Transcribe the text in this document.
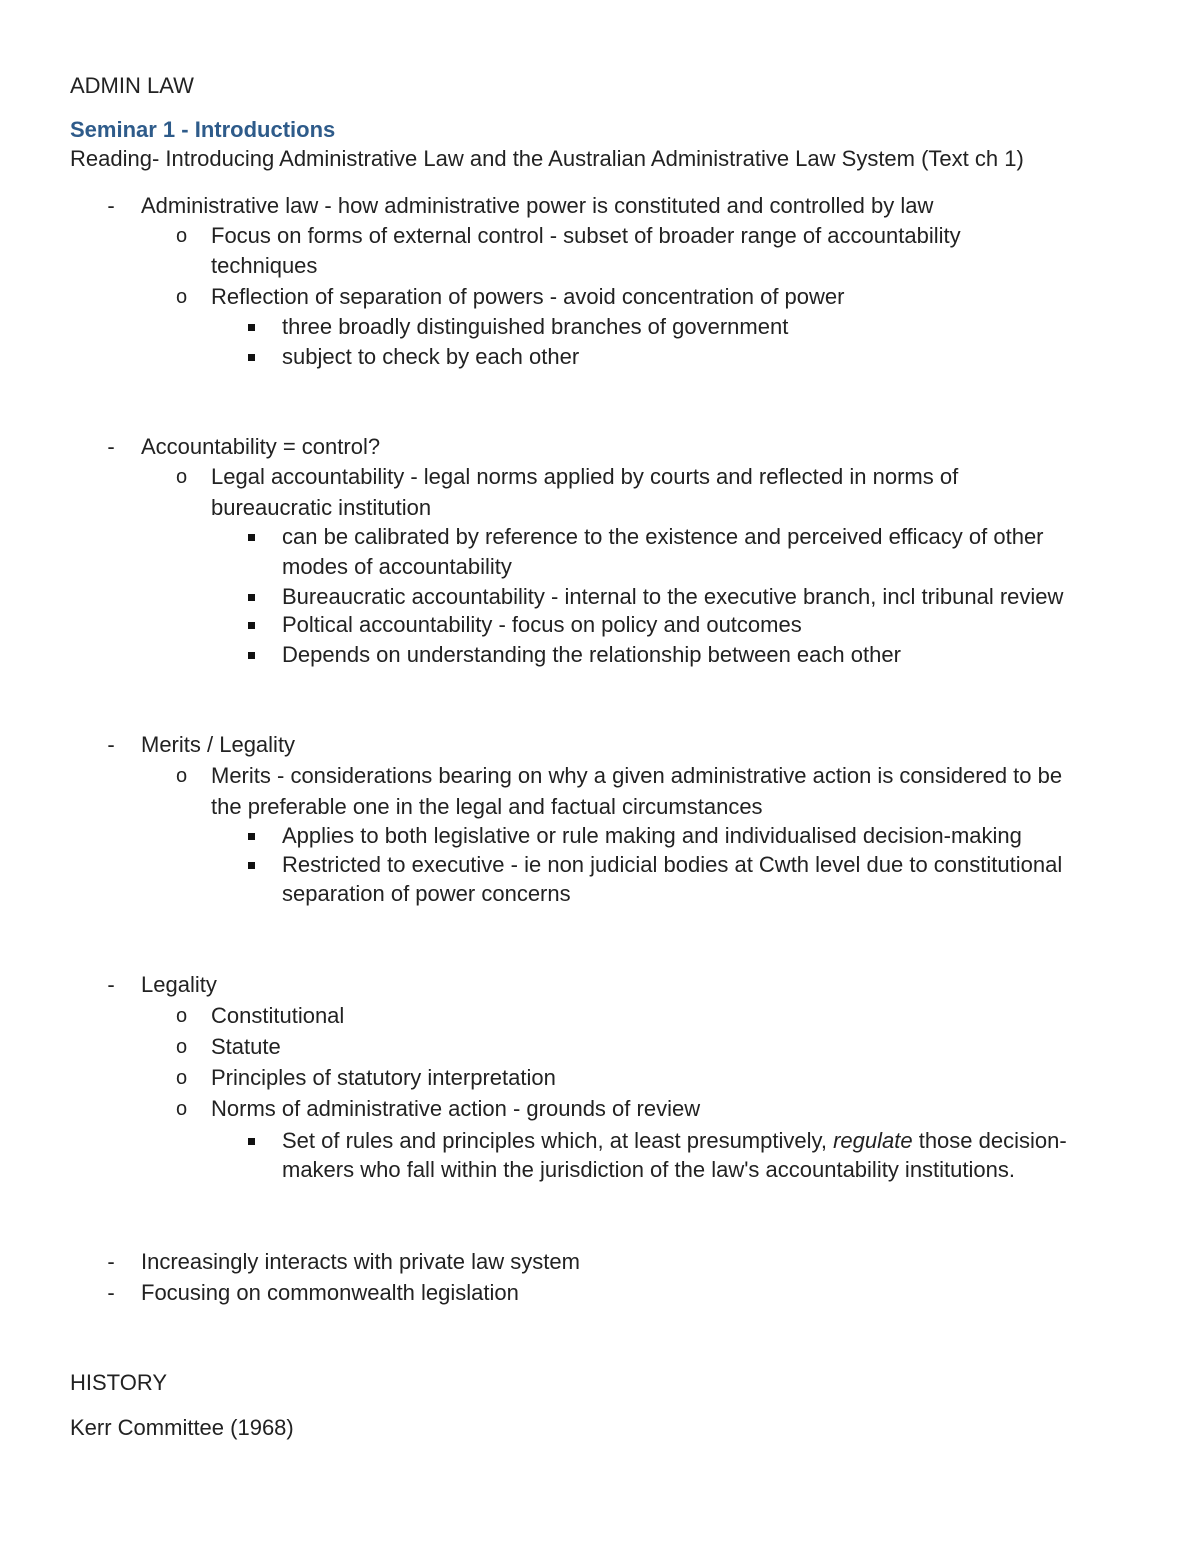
ADMIN LAW
Seminar 1 - Introductions
Reading- Introducing Administrative Law and the Australian Administrative Law System (Text ch 1)
- Administrative law - how administrative power is constituted and controlled by law
o Focus on forms of external control - subset of broader range of accountability
techniques
o Reflection of separation of powers - avoid concentration of power
three broadly distinguished branches of government
subject to check by each other
- Accountability = control?
o Legal accountability - legal norms applied by courts and reflected in norms of
bureaucratic institution
can be calibrated by reference to the existence and perceived efficacy of other
modes of accountability
Bureaucratic accountability - internal to the executive branch, incl tribunal review
Poltical accountability - focus on policy and outcomes
Depends on understanding the relationship between each other
- Merits / Legality
o Merits - considerations bearing on why a given administrative action is considered to be
the preferable one in the legal and factual circumstances
Applies to both legislative or rule making and individualised decision-making
Restricted to executive - ie non judicial bodies at Cwth level due to constitutional
separation of power concerns
- Legality
o Constitutional
o Statute
o Principles of statutory interpretation
o Norms of administrative action - grounds of review
Set of rules and principles which, at least presumptively, regulate those decision-
makers who fall within the jurisdiction of the law's accountability institutions.
- Increasingly interacts with private law system
- Focusing on commonwealth legislation
HISTORY
Kerr Committee (1968)
